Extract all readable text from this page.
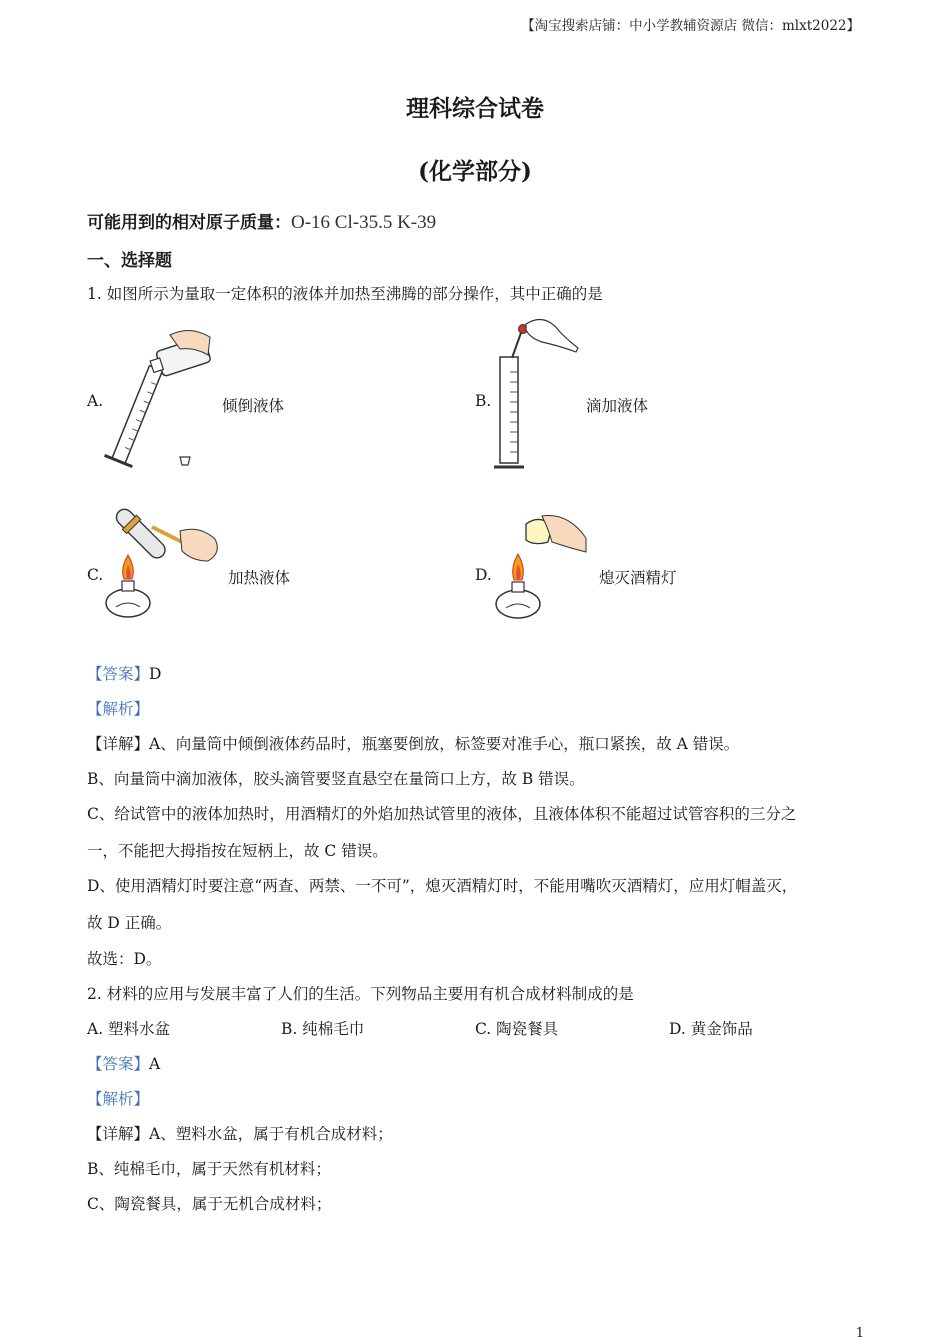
【淘宝搜索店铺：中小学教辅资源店 微信：mlxt2022】
理科综合试卷
(化学部分)
可能用到的相对原子质量：O-16 Cl-35.5 K-39
一、选择题
1. 如图所示为量取一定体积的液体并加热至沸腾的部分操作，其中正确的是
A.	倾倒液体	B.	滴加液体
C.	加热液体	D.	熄灭酒精灯
【答案】D
【解析】
【详解】A、向量筒中倾倒液体药品时，瓶塞要倒放，标签要对准手心，瓶口紧挨，故 A 错误。
B、向量筒中滴加液体，胶头滴管要竖直悬空在量筒口上方，故 B 错误。
C、给试管中的液体加热时，用酒精灯的外焰加热试管里的液体，且液体体积不能超过试管容积的三分之
一，不能把大拇指按在短柄上，故 C 错误。
D、使用酒精灯时要注意“两查、两禁、一不可”，熄灭酒精灯时，不能用嘴吹灭酒精灯，应用灯帽盖灭，
故 D 正确。
故选：D。
2. 材料的应用与发展丰富了人们的生活。下列物品主要用有机合成材料制成的是
A. 塑料水盆	B. 纯棉毛巾	C. 陶瓷餐具	D. 黄金饰品
【答案】A
【解析】
【详解】A、塑料水盆，属于有机合成材料；
B、纯棉毛巾，属于天然有机材料；
C、陶瓷餐具，属于无机合成材料；
1
